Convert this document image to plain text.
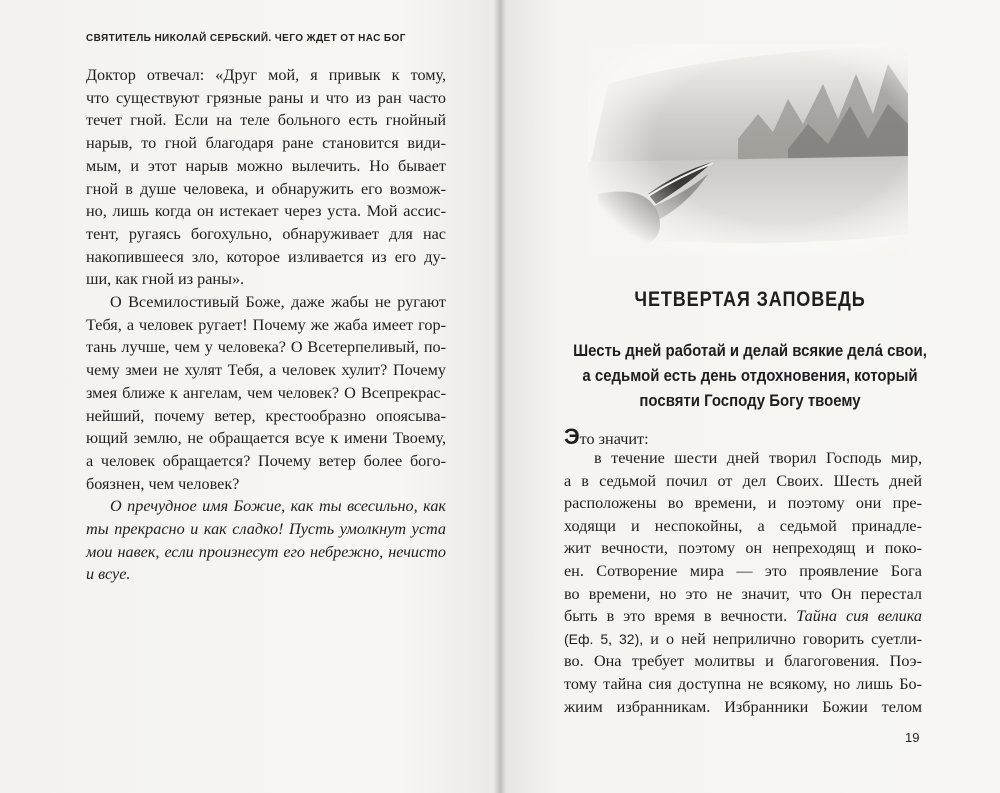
СВЯТИТЕЛЬ НИКОЛАЙ СЕРБСКИЙ. ЧЕГО ЖДЕТ ОТ НАС БОГ
Доктор отвечал: «Друг мой, я привык к тому,
что существуют грязные раны и что из ран часто
течет гной. Если на теле больного есть гнойный
нарыв, то гной благодаря ране становится види-
мым, и этот нарыв можно вылечить. Но бывает
гной в душе человека, и обнаружить его возмож-
но, лишь когда он истекает через уста. Мой ассис-
тент, ругаясь богохульно, обнаруживает для нас
накопившееся зло, которое изливается из его ду-
ши, как гной из раны».
О Всемилостивый Боже, даже жабы не ругают
Тебя, а человек ругает! Почему же жаба имеет гор-
тань лучше, чем у человека? О Всетерпеливый, по-
чему змеи не хулят Тебя, а человек хулит? Почему
змея ближе к ангелам, чем человек? О Всепрекрас-
нейший, почему ветер, крестообразно опоясыва-
ющий землю, не обращается всуе к имени Твоему,
а человек обращается? Почему ветер более бого-
боязнен, чем человек?
О пречудное имя Божие, как ты всесильно, как
ты прекрасно и как сладко! Пусть умолкнут уста
мои навек, если произнесут его небрежно, нечисто
и всуе.
ЧЕТВЕРТАЯ ЗАПОВЕДЬ
Шесть дней работай и делай всякие дела́ свои,
а седьмой есть день отдохновения, который
посвяти Господу Богу твоему
Это значит:
в течение шести дней творил Господь мир,
а в седьмой почил от дел Своих. Шесть дней
расположены во времени, и поэтому они пре-
ходящи и неспокойны, а седьмой принадле-
жит вечности, поэтому он непреходящ и поко-
ен. Сотворение мира — это проявление Бога
во времени, но это не значит, что Он перестал
быть в это время в вечности. Тайна сия велика
(Еф. 5, 32), и о ней неприлично говорить суетли-
во. Она требует молитвы и благоговения. Поэ-
тому тайна сия доступна не всякому, но лишь Бо-
жиим избранникам. Избранники Божии телом
19
